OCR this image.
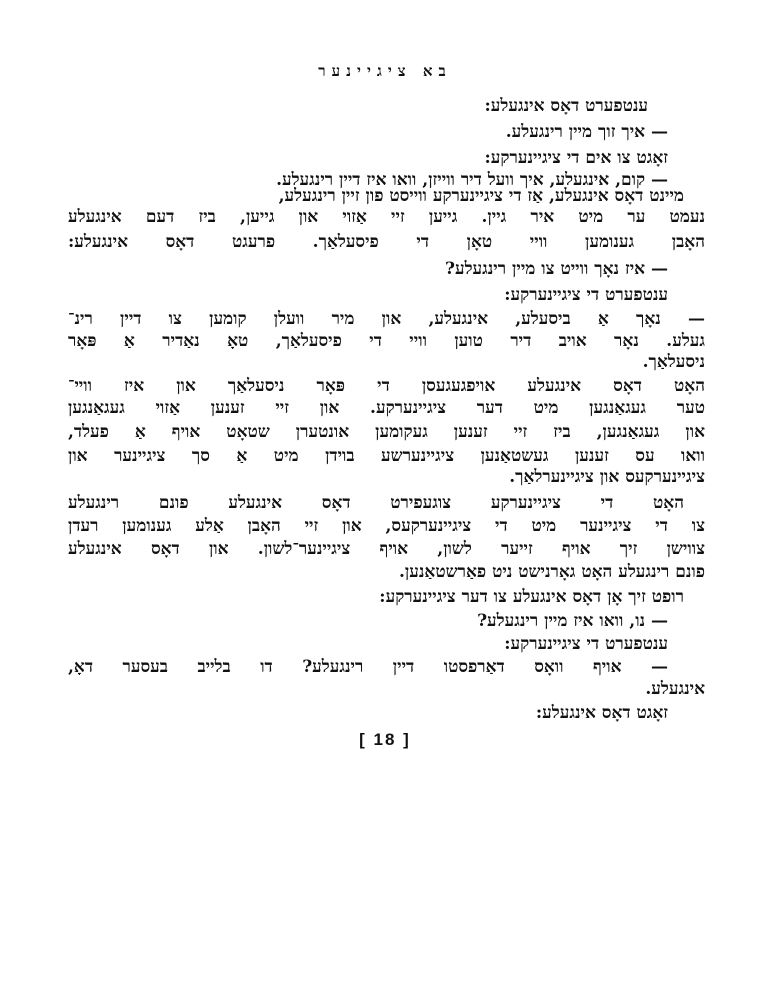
בא ציגיינער
ענטפערט דאָס אינגעלע:
— איך זוך מיין רינגעלע.
זאָגט צו אים די ציגיינערקע:
— קום, אינגעלע, איך וועל דיר ווייזן, וואו איז דיין רינגעלע.
מיינט דאָס אינגעלע, אַז די ציגיינערקע ווייסט פון זיין רינגעלע,
נעמט ער מיט איר גיין. גייען זיי אַזוי און גייען, ביז דעם אינגעלע
האָבן גענומען וויי טאָן די פיסעלאַך. פרעגט דאָס אינגעלע:
— איז נאָך ווייט צו מיין רינגעלע?
ענטפערט די ציגיינערקע:
— נאָך אַ ביסעלע, אינגעלע, און מיר וועלן קומען צו דיין רינ־
געלע. נאָר אויב דיר טוען וויי די פיסעלאַך, טאָ נאַדיר אַ פּאָר
ניסעלאַך.
האָט דאָס אינגעלע אויפגעגעסן די פּאָר ניסעלאַך און איז ווײ־
טער געגאַנגען מיט דער ציגיינערקע. און זיי זענען אַזוי געגאַנגען
און געגאַנגען, ביז זיי זענען געקומען אונטערן שטאָט אויף אַ פעלד,
וואו עס זענען געשטאַנען ציגיינערשע בוידן מיט אַ סך ציגיינער און
ציגיינערקעס און ציגיינערלאַך.
האָט די ציגיינערקע צוגעפירט דאָס אינגעלע פונם רינגעלע
צו די ציגיינער מיט די ציגיינערקעס, און זיי האָבן אַלע גענומען רעדן
צווישן זיך אויף זייער לשון, אויף ציגיינער־לשון. און דאָס אינגעלע
פונם רינגעלע האָט גאָרנישט ניט פאַרשטאַנען.
רופט זיך אָן דאָס אינגעלע צו דער ציגיינערקע:
— נו, וואו איז מיין רינגעלע?
ענטפערט די ציגיינערקע:
— אויף וואָס דאַרפסטו דיין רינגעלע? דו בלייב בעסער דאָ,
אינגעלע.
זאָגט דאָס אינגעלע:
[ 18 ]
